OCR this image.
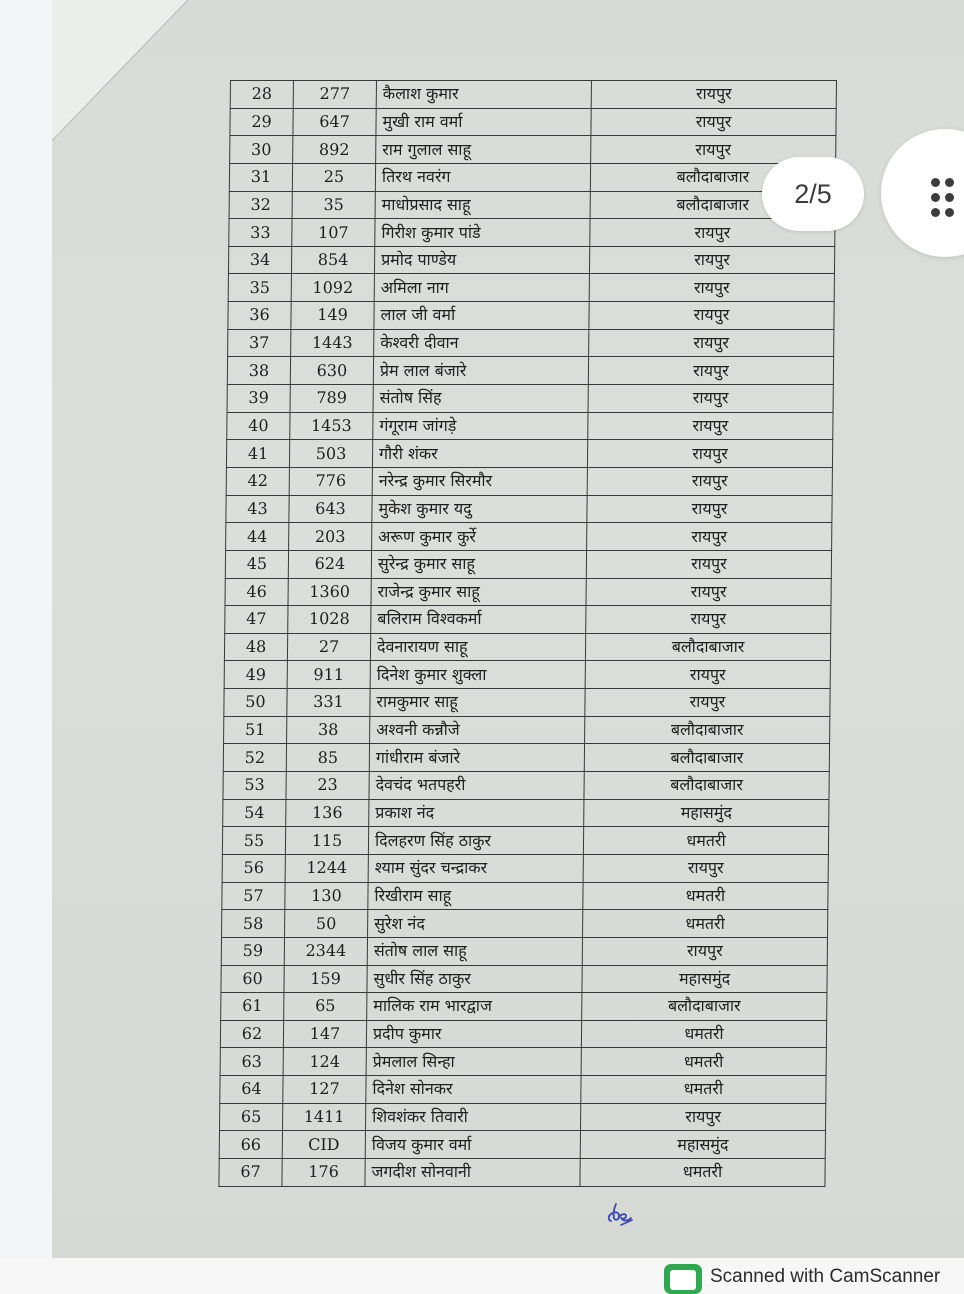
28	277	कैलाश कुमार	रायपुर
29	647	मुखी राम वर्मा	रायपुर
30	892	राम गुलाल साहू	रायपुर
31	25	तिरथ नवरंग	बलौदाबाजार
32	35	माधोप्रसाद साहू	बलौदाबाजार
33	107	गिरीश कुमार पांडे	रायपुर
34	854	प्रमोद पाण्डेय	रायपुर
35	1092	अमिला नाग	रायपुर
36	149	लाल जी वर्मा	रायपुर
37	1443	केश्वरी दीवान	रायपुर
38	630	प्रेम लाल बंजारे	रायपुर
39	789	संतोष सिंह	रायपुर
40	1453	गंगूराम जांगड़े	रायपुर
41	503	गौरी शंकर	रायपुर
42	776	नरेन्द्र कुमार सिरमौर	रायपुर
43	643	मुकेश कुमार यदु	रायपुर
44	203	अरूण कुमार कुर्रे	रायपुर
45	624	सुरेन्द्र कुमार साहू	रायपुर
46	1360	राजेन्द्र कुमार साहू	रायपुर
47	1028	बलिराम विश्वकर्मा	रायपुर
48	27	देवनारायण साहू	बलौदाबाजार
49	911	दिनेश कुमार शुक्ला	रायपुर
50	331	रामकुमार साहू	रायपुर
51	38	अश्वनी कन्नौजे	बलौदाबाजार
52	85	गांधीराम बंजारे	बलौदाबाजार
53	23	देवचंद भतपहरी	बलौदाबाजार
54	136	प्रकाश नंद	महासमुंद
55	115	दिलहरण सिंह ठाकुर	धमतरी
56	1244	श्याम सुंदर चन्द्राकर	रायपुर
57	130	रिखीराम साहू	धमतरी
58	50	सुरेश नंद	धमतरी
59	2344	संतोष लाल साहू	रायपुर
60	159	सुधीर सिंह ठाकुर	महासमुंद
61	65	मालिक राम भारद्वाज	बलौदाबाजार
62	147	प्रदीप कुमार	धमतरी
63	124	प्रेमलाल सिन्हा	धमतरी
64	127	दिनेश सोनकर	धमतरी
65	1411	शिवशंकर तिवारी	रायपुर
66	CID	विजय कुमार वर्मा	महासमुंद
67	176	जगदीश सोनवानी	धमतरी
2/5
Scanned with CamScanner
